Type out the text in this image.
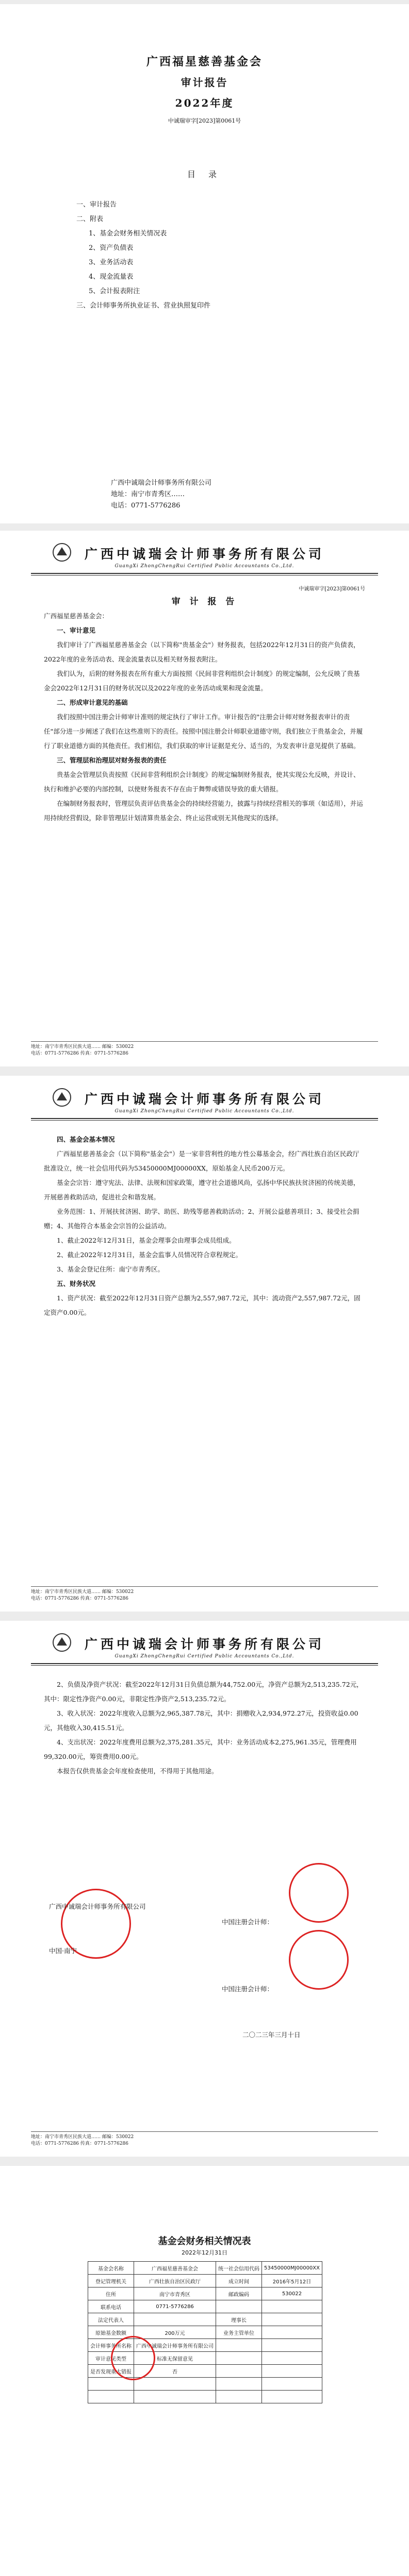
广西福星慈善基金会
审计报告
2022年度
中诚瑞审字[2023]第0061号
目 录
一、审计报告
二、附表
1、基金会财务相关情况表
2、资产负债表
3、业务活动表
4、现金流量表
5、会计报表附注
三、会计师事务所执业证书、营业执照复印件
广西中诚瑞会计师事务所有限公司
地址：南宁市青秀区……
电话：0771-5776286
广西中诚瑞会计师事务所有限公司
GuangXi ZhongChengRui Certified Public Accountants Co.,Ltd.

中诚瑞审字[2023]第0061号

审 计 报 告

广西福星慈善基金会：

一、审计意见

我们审计了广西福星慈善基金会（以下简称"贵基金会"）财务报表，包括2022年12月31日的资产负债表，2022年度的业务活动表、现金流量表以及相关财务报表附注。

我们认为，后附的财务报表在所有重大方面按照《民间非营利组织会计制度》的规定编制，公允反映了贵基金会2022年12月31日的财务状况以及2022年度的业务活动成果和现金流量。

二、形成审计意见的基础

我们按照中国注册会计师审计准则的规定执行了审计工作。审计报告的"注册会计师对财务报表审计的责任"部分进一步阐述了我们在这些准则下的责任。按照中国注册会计师职业道德守则，我们独立于贵基金会，并履行了职业道德方面的其他责任。我们相信，我们获取的审计证据是充分、适当的，为发表审计意见提供了基础。

三、管理层和治理层对财务报表的责任

贵基金会管理层负责按照《民间非营利组织会计制度》的规定编制财务报表，使其实现公允反映，并设计、执行和维护必要的内部控制，以使财务报表不存在由于舞弊或错误导致的重大错报。

在编制财务报表时，管理层负责评估贵基金会的持续经营能力，披露与持续经营相关的事项（如适用），并运用持续经营假设，除非管理层计划清算贵基金会、终止运营或别无其他现实的选择。

地址：南宁市青秀区民族大道…… 邮编：530022
电话：0771-5776286 传真：0771-5776286
广西中诚瑞会计师事务所有限公司
GuangXi ZhongChengRui Certified Public Accountants Co.,Ltd.

四、基金会基本情况

广西福星慈善基金会（以下简称"基金会"）是一家非营利性的地方性公募基金会，经广西壮族自治区民政厅批准设立，统一社会信用代码为53450000MJ00000XX，原始基金人民币200万元。

基金会宗旨：遵守宪法、法律、法规和国家政策，遵守社会道德风尚，弘扬中华民族扶贫济困的传统美德，开展慈善救助活动，促进社会和谐发展。

业务范围：1、开展扶贫济困、助学、助医、助残等慈善救助活动；2、开展公益慈善项目；3、接受社会捐赠；4、其他符合本基金会宗旨的公益活动。

1、截止2022年12月31日，基金会理事会由理事会成员组成。

2、截止2022年12月31日，基金会监事人员情况符合章程规定。

3、基金会登记住所：南宁市青秀区。

五、财务状况

1、资产状况：截至2022年12月31日资产总额为2,557,987.72元，其中：流动资产2,557,987.72元，固定资产0.00元。

地址：南宁市青秀区民族大道…… 邮编：530022
电话：0771-5776286 传真：0771-5776286
广西中诚瑞会计师事务所有限公司
GuangXi ZhongChengRui Certified Public Accountants Co.,Ltd.

2、负债及净资产状况：截至2022年12月31日负债总额为44,752.00元，净资产总额为2,513,235.72元，其中：限定性净资产0.00元，非限定性净资产2,513,235.72元。

3、收入状况：2022年度收入总额为2,965,387.78元，其中：捐赠收入2,934,972.27元，投资收益0.00元，其他收入30,415.51元。

4、支出状况：2022年度费用总额为2,375,281.35元，其中：业务活动成本2,275,961.35元，管理费用99,320.00元，筹资费用0.00元。

本报告仅供贵基金会年度检查使用，不得用于其他用途。

广西中诚瑞会计师事务所有限公司

中国·南宁

中国注册会计师：

中国注册会计师：

二〇二三年三月十日

地址：南宁市青秀区民族大道…… 邮编：530022
电话：0771-5776286 传真：0771-5776286
基金会财务相关情况表
2022年12月31日
基金会名称	广西福星慈善基金会	统一社会信用代码	53450000MJ00000XX
登记管理机关	广西壮族自治区民政厅	成立时间	2016年5月12日
住所	南宁市青秀区	邮政编码	530022
联系电话	0771-5776286		
法定代表人		理事长	
原始基金数额	200万元	业务主管单位	
会计师事务所名称	广西中诚瑞会计师事务所有限公司		
审计意见类型	标准无保留意见		
是否发现重大错报	否		
